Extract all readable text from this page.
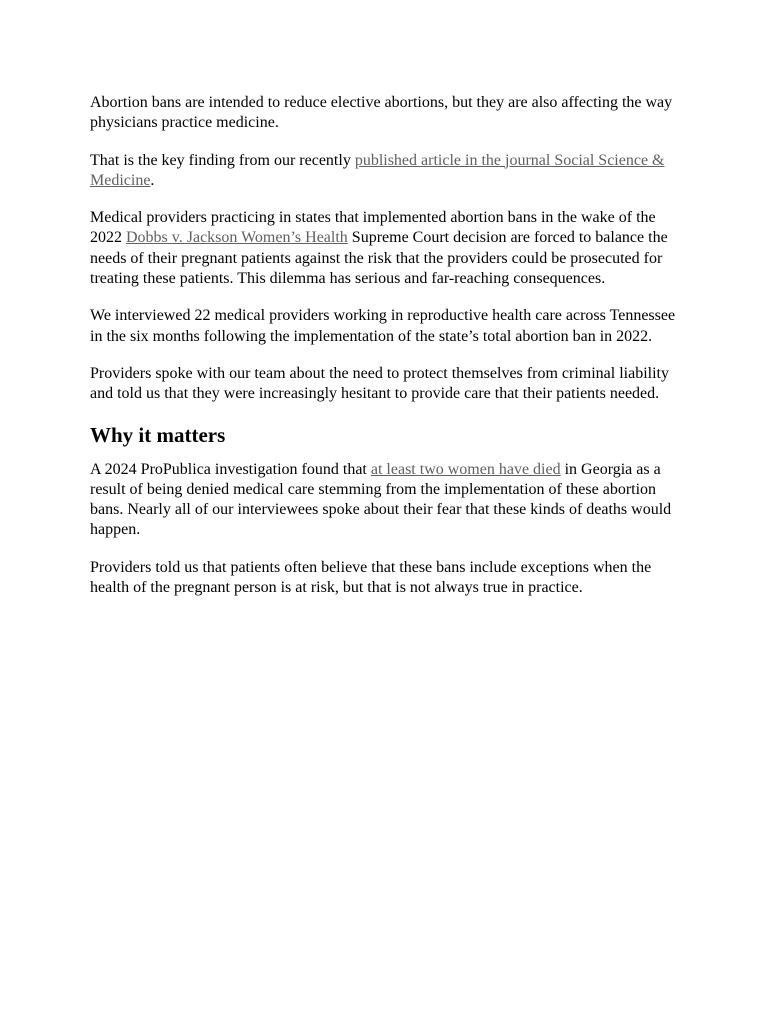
Abortion bans are intended to reduce elective abortions, but they are also affecting the way physicians practice medicine.

That is the key finding from our recently published article in the journal Social Science & Medicine.

Medical providers practicing in states that implemented abortion bans in the wake of the 2022 Dobbs v. Jackson Women’s Health Supreme Court decision are forced to balance the needs of their pregnant patients against the risk that the providers could be prosecuted for treating these patients. This dilemma has serious and far-reaching consequences.

We interviewed 22 medical providers working in reproductive health care across Tennessee in the six months following the implementation of the state’s total abortion ban in 2022.

Providers spoke with our team about the need to protect themselves from criminal liability and told us that they were increasingly hesitant to provide care that their patients needed.

Why it matters

A 2024 ProPublica investigation found that at least two women have died in Georgia as a result of being denied medical care stemming from the implementation of these abortion bans. Nearly all of our interviewees spoke about their fear that these kinds of deaths would happen.

Providers told us that patients often believe that these bans include exceptions when the health of the pregnant person is at risk, but that is not always true in practice.
